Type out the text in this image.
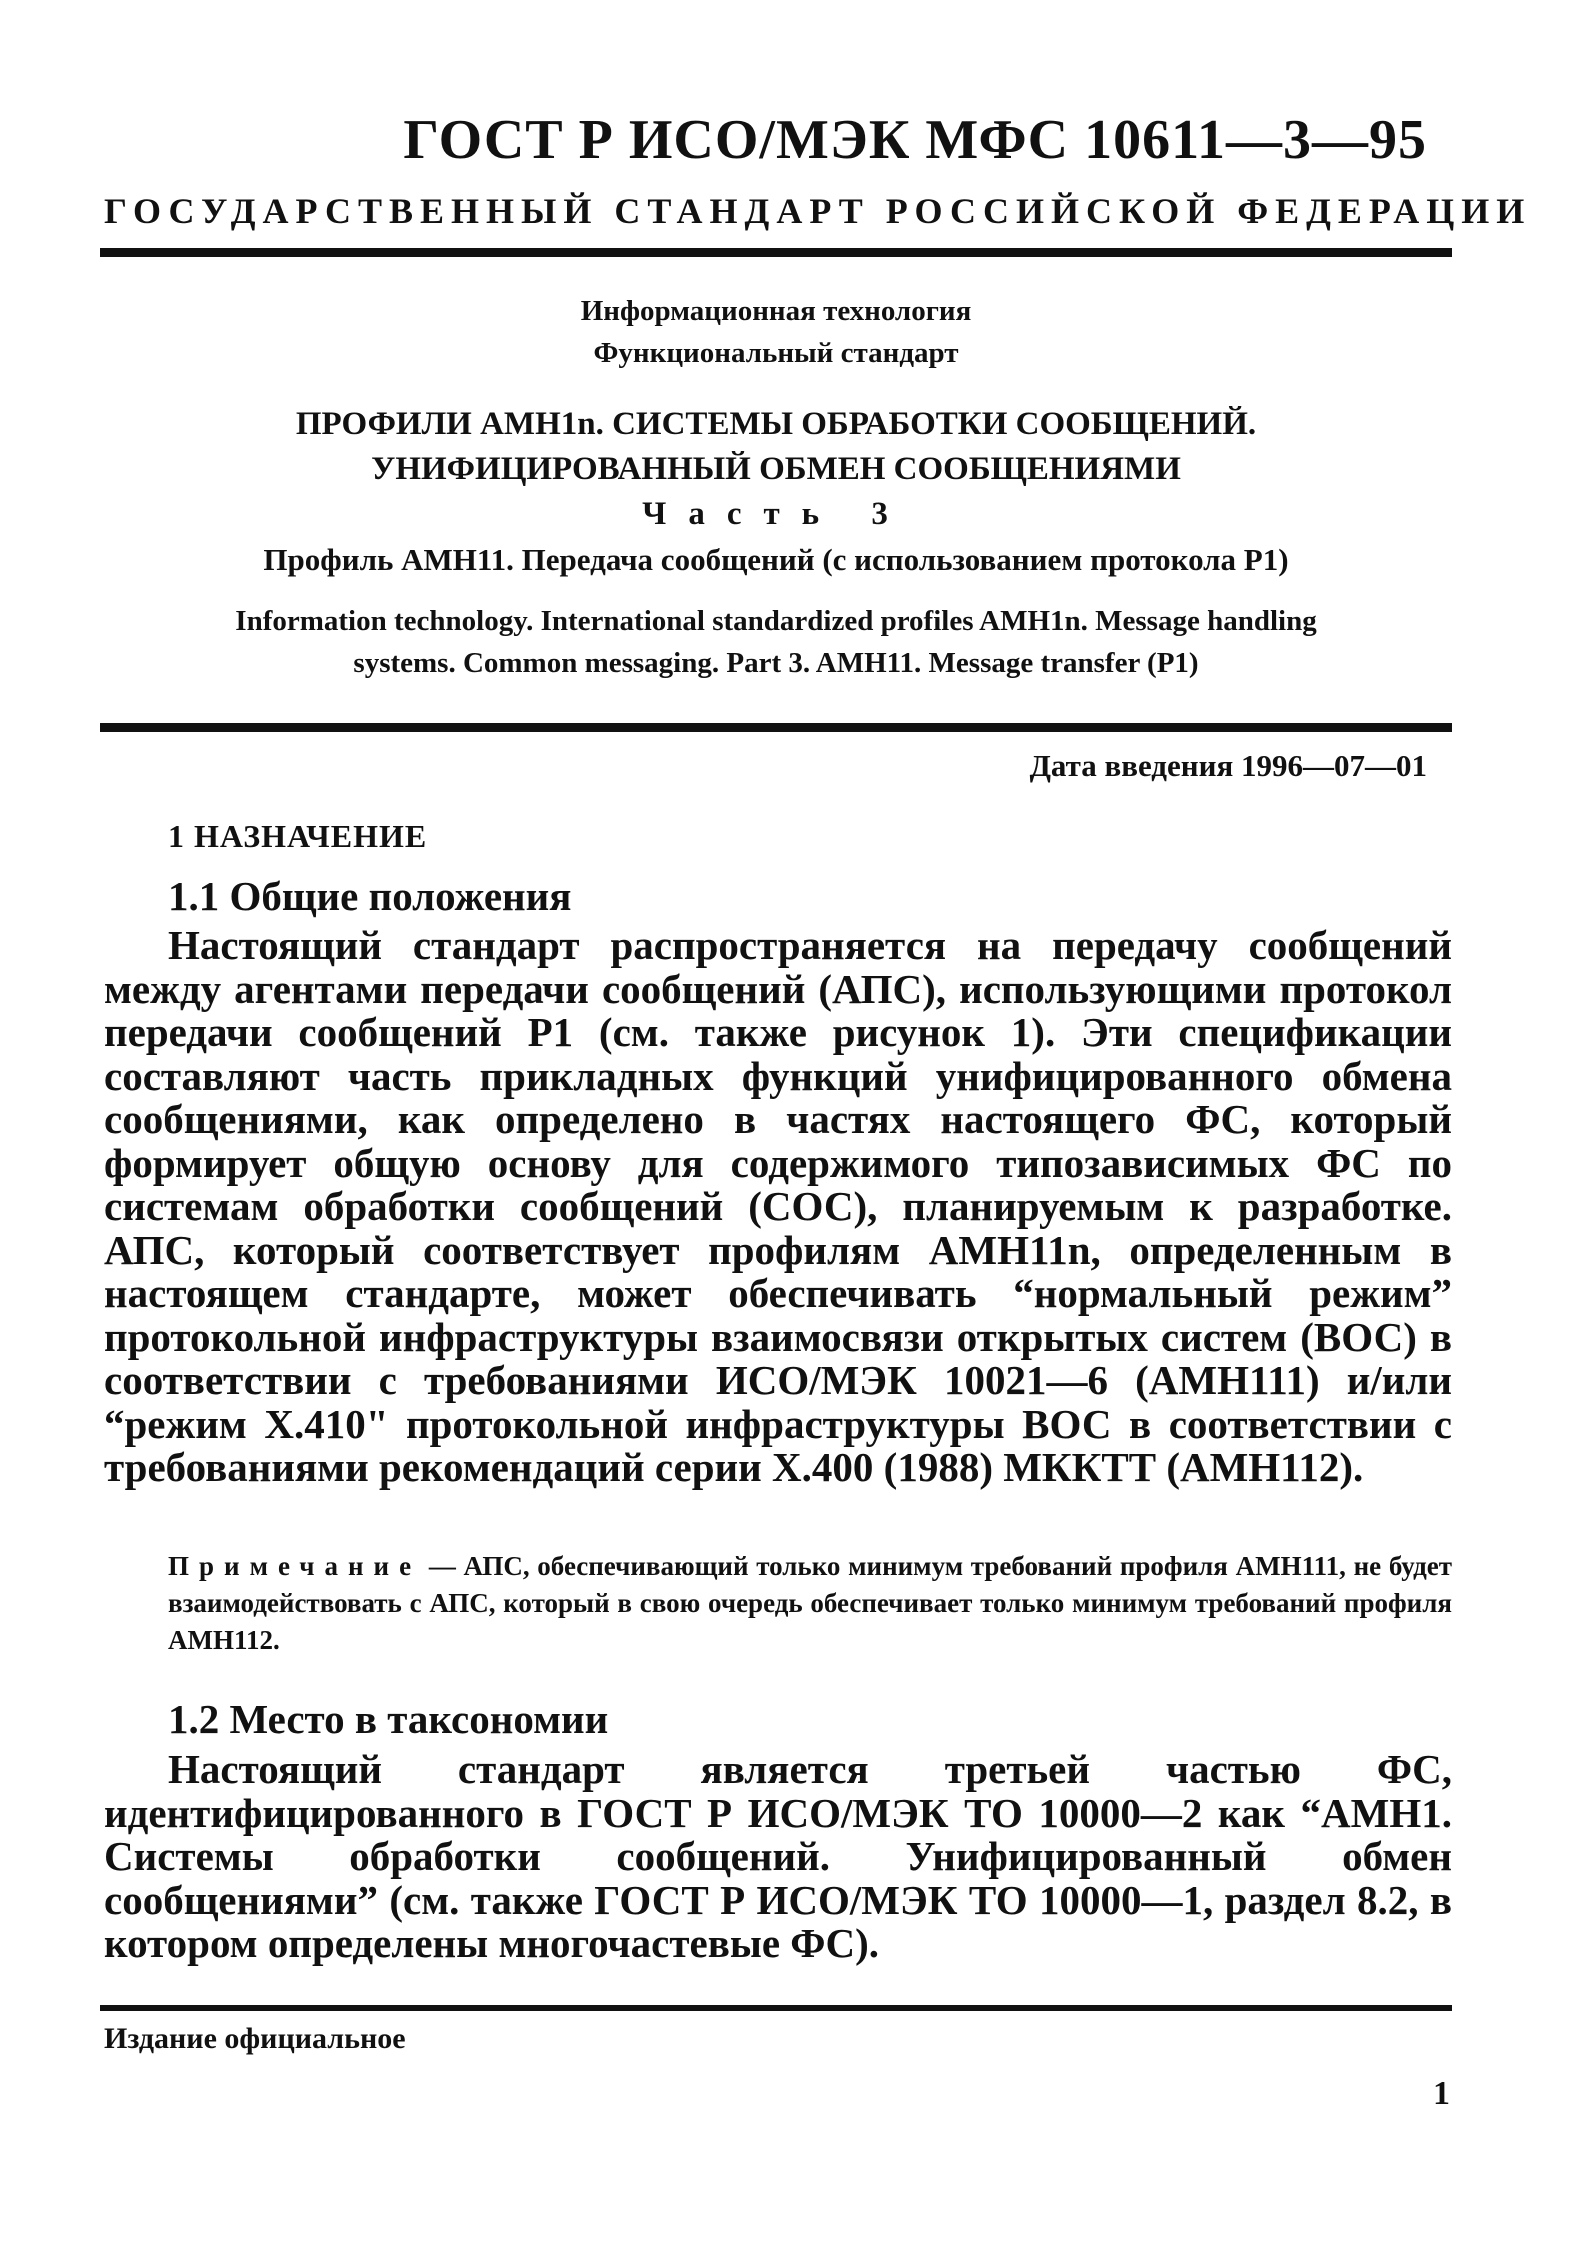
ГОСТ Р ИСО/МЭК МФС 10611—3—95
ГОСУДАРСТВЕННЫЙ СТАНДАРТ РОССИЙСКОЙ ФЕДЕРАЦИИ
Информационная технология
Функциональный стандарт
ПРОФИЛИ AMH1n. СИСТЕМЫ ОБРАБОТКИ СООБЩЕНИЙ.
УНИФИЦИРОВАННЫЙ ОБМЕН СООБЩЕНИЯМИ
Часть 3
Профиль AMH11. Передача сообщений (с использованием протокола P1)
Information technology. International standardized profiles AMH1n. Message handling
systems. Common messaging. Part 3. AMH11. Message transfer (P1)
Дата введения 1996—07—01
1 НАЗНАЧЕНИЕ
1.1 Общие положения
Настоящий стандарт распространяется на передачу сообщений между агентами передачи сообщений (АПС), использующими протокол передачи сообщений P1 (см. также рисунок 1). Эти спецификации составляют часть прикладных функций унифицированного обмена сообщениями, как определено в частях настоящего ФС, который формирует общую основу для содержимого типозависимых ФС по системам обработки сообщений (СОС), планируемым к разработке. АПС, который соответствует профилям AMH11n, определенным в настоящем стандарте, может обеспечивать “нормальный режим” протокольной инфраструктуры взаимосвязи открытых систем (ВОС) в соответствии с требованиями ИСО/МЭК 10021—6 (AMH111) и/или “режим X.410" протокольной инфраструктуры ВОС в соответствии с требованиями рекомендаций серии X.400 (1988) МККТТ (AMH112).
Примечание — АПС, обеспечивающий только минимум требований профиля AMH111, не будет взаимодействовать с АПС, который в свою очередь обеспечивает только минимум требований профиля AMH112.
1.2 Место в таксономии
Настоящий стандарт является третьей частью ФС, идентифицированного в ГОСТ Р ИСО/МЭК ТО 10000—2 как “AMH1. Системы обработки сообщений. Унифицированный обмен сообщениями” (см. также ГОСТ Р ИСО/МЭК ТО 10000—1, раздел 8.2, в котором определены многочастевые ФС).
Издание официальное
1
